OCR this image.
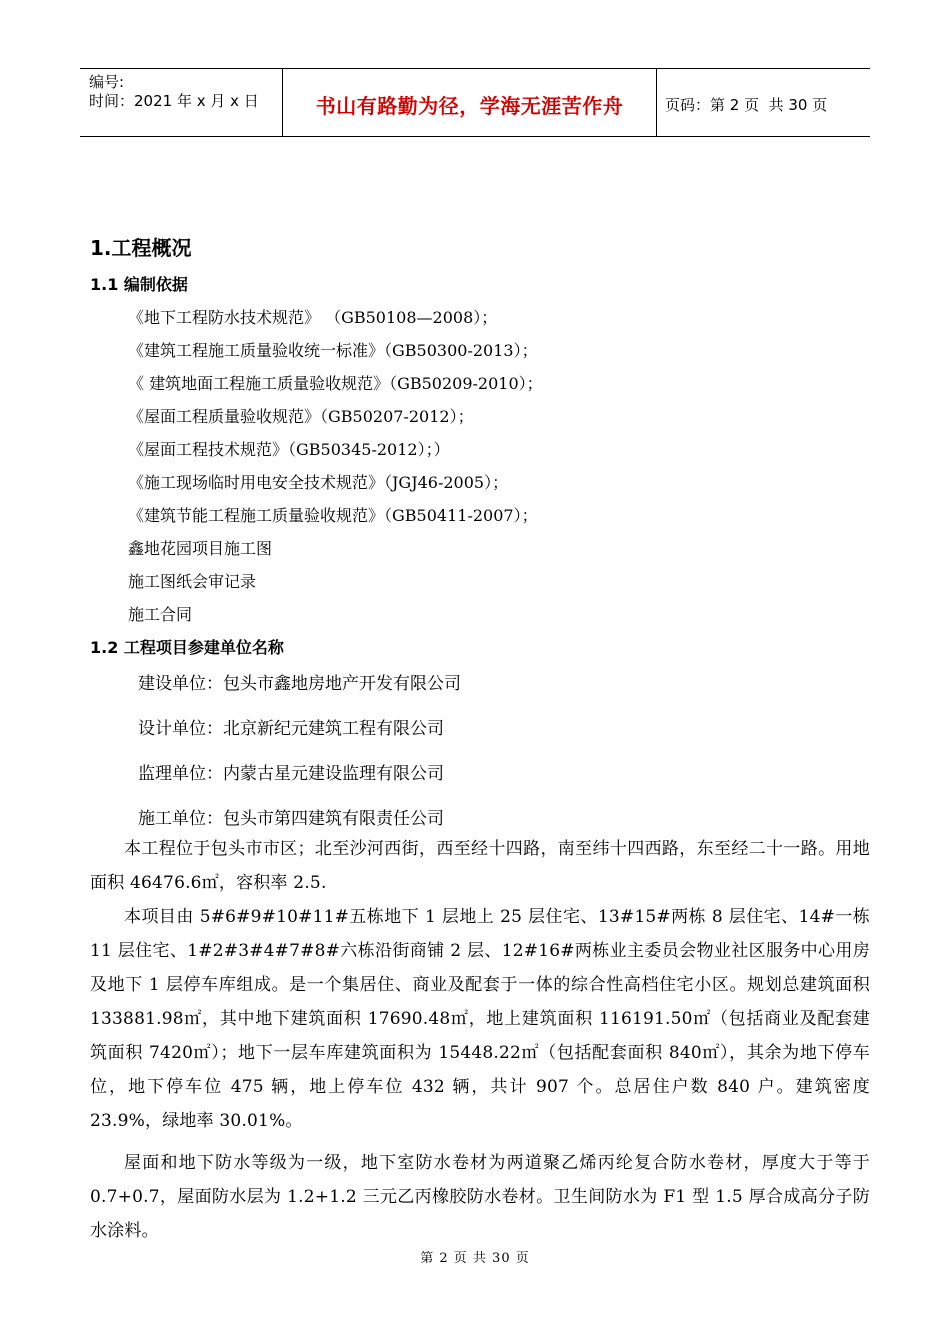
编号:
时间：2021 年 x 月 x 日	书山有路勤为径，学海无涯苦作舟	页码：第 2 页  共 30 页
1.工程概况
1.1 编制依据
《地下工程防水技术规范》 （GB50108—2008）；
《建筑工程施工质量验收统一标准》（GB50300-2013）；
《 建筑地面工程施工质量验收规范》（GB50209-2010）；
《屋面工程质量验收规范》（GB50207-2012）；
《屋面工程技术规范》（GB50345-2012）；）
《施工现场临时用电安全技术规范》（JGJ46-2005）；
《建筑节能工程施工质量验收规范》（GB50411-2007）；
鑫地花园项目施工图
施工图纸会审记录
施工合同
1.2 工程项目参建单位名称
建设单位：包头市鑫地房地产开发有限公司
设计单位：北京新纪元建筑工程有限公司
监理单位：内蒙古星元建设监理有限公司
施工单位：包头市第四建筑有限责任公司

本工程位于包头市市区；北至沙河西街，西至经十四路，南至纬十四西路，东至经二十一路。用地面积 46476.6㎡，容积率 2.5.

本项目由 5#6#9#10#11#五栋地下 1 层地上 25 层住宅、13#15#两栋 8 层住宅、14#一栋 11 层住宅、1#2#3#4#7#8#六栋沿街商铺 2 层、12#16#两栋业主委员会物业社区服务中心用房及地下 1 层停车库组成。是一个集居住、商业及配套于一体的综合性高档住宅小区。规划总建筑面积 133881.98㎡，其中地下建筑面积 17690.48㎡，地上建筑面积 116191.50㎡（包括商业及配套建筑面积 7420㎡）；地下一层车库建筑面积为 15448.22㎡（包括配套面积 840㎡），其余为地下停车位，地下停车位 475 辆，地上停车位 432 辆，共计 907 个。总居住户数 840 户。建筑密度 23.9%，绿地率 30.01%。

屋面和地下防水等级为一级，地下室防水卷材为两道聚乙烯丙纶复合防水卷材，厚度大于等于 0.7+0.7，屋面防水层为 1.2+1.2 三元乙丙橡胶防水卷材。卫生间防水为 F1 型 1.5 厚合成高分子防水涂料。

第 2 页 共 30 页
